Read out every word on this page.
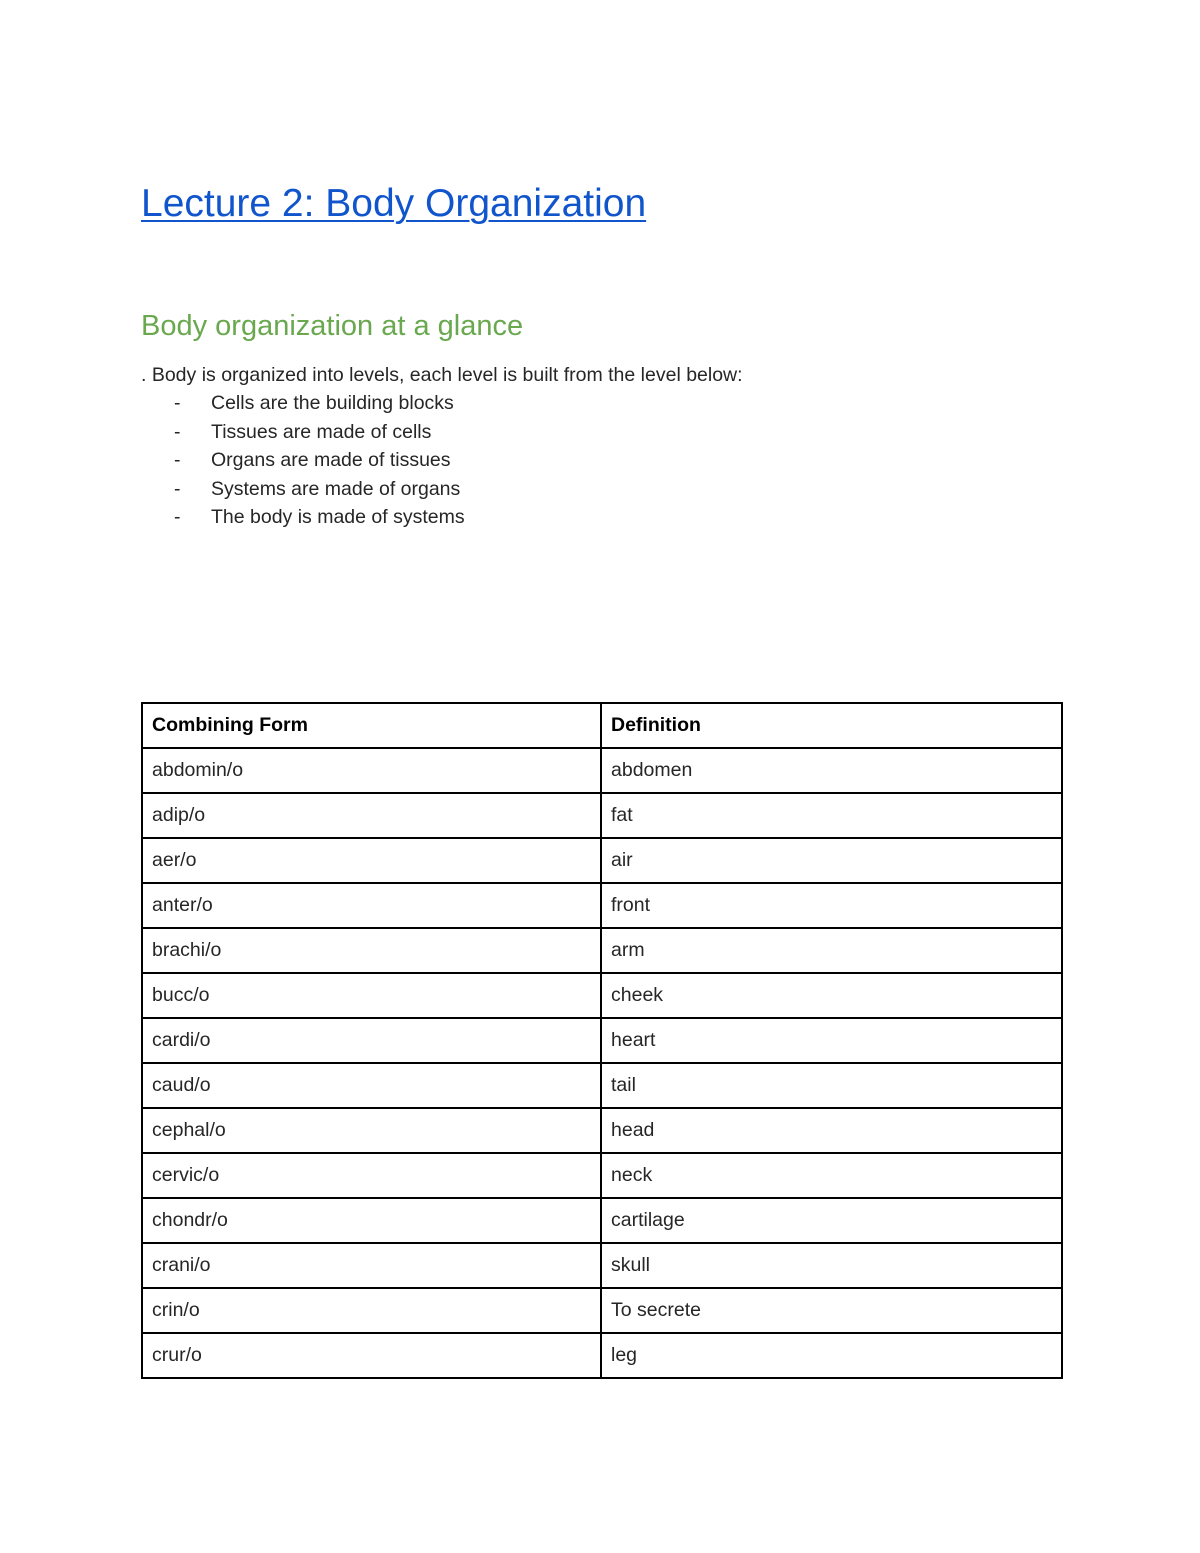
Lecture 2: Body Organization
Body organization at a glance
. Body is organized into levels, each level is built from the level below:
- Cells are the building blocks
- Tissues are made of cells
- Organs are made of tissues
- Systems are made of organs
- The body is made of systems
Combining Form	Definition
abdomin/o	abdomen
adip/o	fat
aer/o	air
anter/o	front
brachi/o	arm
bucc/o	cheek
cardi/o	heart
caud/o	tail
cephal/o	head
cervic/o	neck
chondr/o	cartilage
crani/o	skull
crin/o	To secrete
crur/o	leg
